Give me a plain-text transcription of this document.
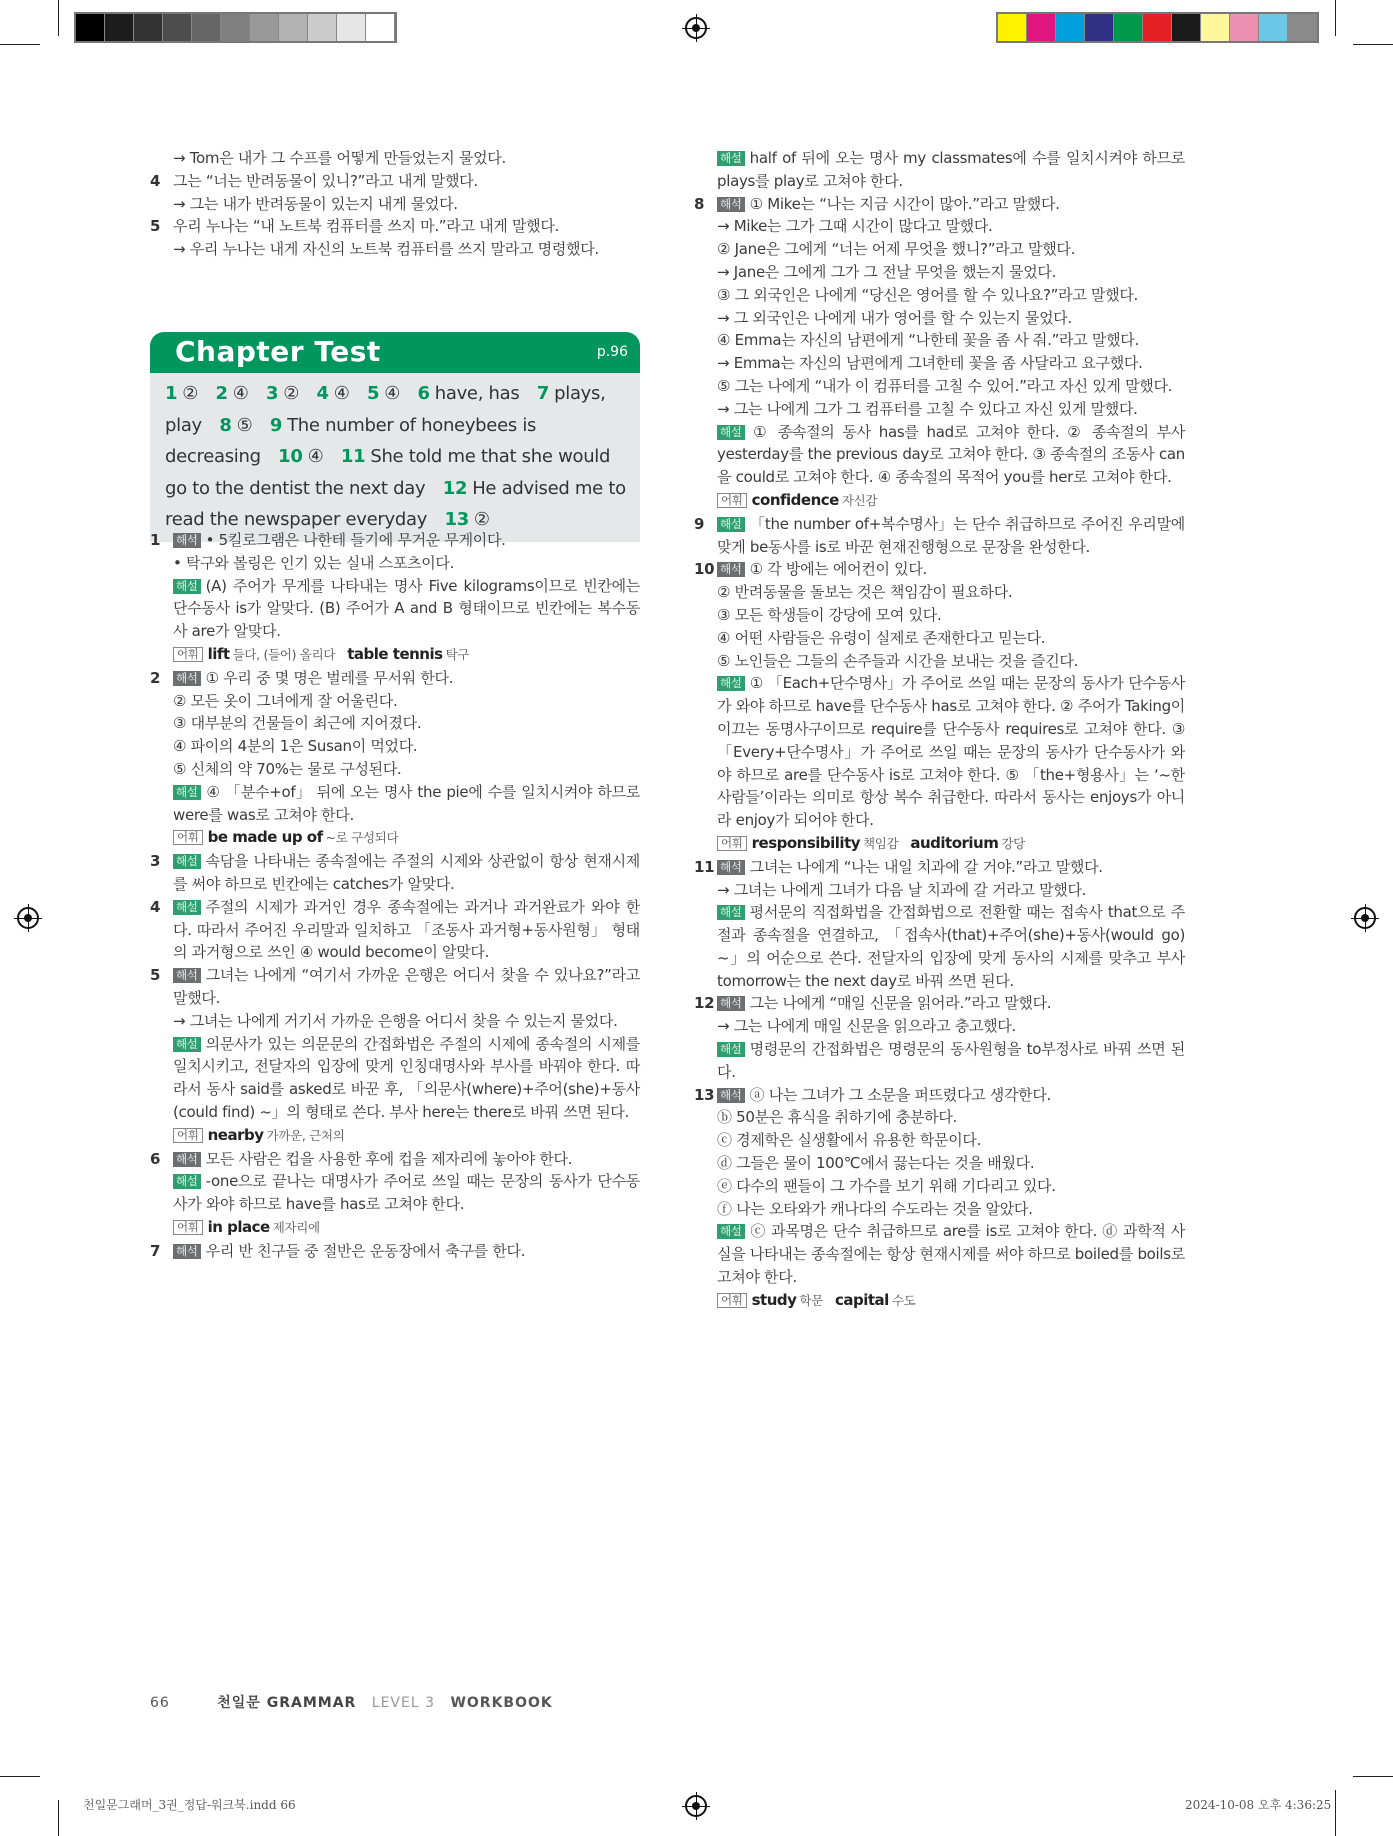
→ Tom은 내가 그 수프를 어떻게 만들었는지 물었다.
4 그는 “너는 반려동물이 있니?”라고 내게 말했다.
→ 그는 내가 반려동물이 있는지 내게 물었다.
5 우리 누나는 “내 노트북 컴퓨터를 쓰지 마.”라고 내게 말했다.
→ 우리 누나는 내게 자신의 노트북 컴퓨터를 쓰지 말라고 명령했다.
Chapter Test	p.96
1 ② 2 ④ 3 ② 4 ④ 5 ④ 6 have, has 7 plays, play 8 ⑤ 9 The number of honeybees is decreasing 10 ④ 11 She told me that she would go to the dentist the next day 12 He advised me to read the newspaper everyday 13 ②
1 해석 • 5킬로그램은 나한테 들기에 무거운 무게이다.
• 탁구와 볼링은 인기 있는 실내 스포츠이다.
해설 (A) 주어가 무게를 나타내는 명사 Five kilograms이므로 빈칸에는 단수동사 is가 알맞다. (B) 주어가 A and B 형태이므로 빈칸에는 복수동사 are가 알맞다.
어휘 lift 들다, (들어) 올리다 table tennis 탁구
2 해석 ① 우리 중 몇 명은 벌레를 무서워 한다.
② 모든 옷이 그녀에게 잘 어울린다.
③ 대부분의 건물들이 최근에 지어졌다.
④ 파이의 4분의 1은 Susan이 먹었다.
⑤ 신체의 약 70%는 물로 구성된다.
해설 ④ 「분수+of」 뒤에 오는 명사 the pie에 수를 일치시켜야 하므로 were를 was로 고쳐야 한다.
어휘 be made up of ~로 구성되다
3 해설 속담을 나타내는 종속절에는 주절의 시제와 상관없이 항상 현재시제를 써야 하므로 빈칸에는 catches가 알맞다.
4 해설 주절의 시제가 과거인 경우 종속절에는 과거나 과거완료가 와야 한다. 따라서 주어진 우리말과 일치하고 「조동사 과거형+동사원형」 형태의 과거형으로 쓰인 ④ would become이 알맞다.
5 해석 그녀는 나에게 “여기서 가까운 은행은 어디서 찾을 수 있나요?”라고 말했다.
→ 그녀는 나에게 거기서 가까운 은행을 어디서 찾을 수 있는지 물었다.
해설 의문사가 있는 의문문의 간접화법은 주절의 시제에 종속절의 시제를 일치시키고, 전달자의 입장에 맞게 인칭대명사와 부사를 바꿔야 한다. 따라서 동사 said를 asked로 바꾼 후, 「의문사(where)+주어(she)+동사(could find) ~」의 형태로 쓴다. 부사 here는 there로 바꿔 쓰면 된다.
어휘 nearby 가까운, 근처의
6 해석 모든 사람은 컵을 사용한 후에 컵을 제자리에 놓아야 한다.
해설 -one으로 끝나는 대명사가 주어로 쓰일 때는 문장의 동사가 단수동사가 와야 하므로 have를 has로 고쳐야 한다.
어휘 in place 제자리에
7 해석 우리 반 친구들 중 절반은 운동장에서 축구를 한다.
해설 half of 뒤에 오는 명사 my classmates에 수를 일치시켜야 하므로 plays를 play로 고쳐야 한다.
8 해석 ① Mike는 “나는 지금 시간이 많아.”라고 말했다.
→ Mike는 그가 그때 시간이 많다고 말했다.
② Jane은 그에게 “너는 어제 무엇을 했니?”라고 말했다.
→ Jane은 그에게 그가 그 전날 무엇을 했는지 물었다.
③ 그 외국인은 나에게 “당신은 영어를 할 수 있나요?”라고 말했다.
→ 그 외국인은 나에게 내가 영어를 할 수 있는지 물었다.
④ Emma는 자신의 남편에게 “나한테 꽃을 좀 사 줘.”라고 말했다.
→ Emma는 자신의 남편에게 그녀한테 꽃을 좀 사달라고 요구했다.
⑤ 그는 나에게 “내가 이 컴퓨터를 고칠 수 있어.”라고 자신 있게 말했다.
→ 그는 나에게 그가 그 컴퓨터를 고칠 수 있다고 자신 있게 말했다.
해설 ① 종속절의 동사 has를 had로 고쳐야 한다. ② 종속절의 부사 yesterday를 the previous day로 고쳐야 한다. ③ 종속절의 조동사 can을 could로 고쳐야 한다. ④ 종속절의 목적어 you를 her로 고쳐야 한다.
어휘 confidence 자신감
9 해설 「the number of+복수명사」는 단수 취급하므로 주어진 우리말에 맞게 be동사를 is로 바꾼 현재진행형으로 문장을 완성한다.
10 해석 ① 각 방에는 에어컨이 있다.
② 반려동물을 돌보는 것은 책임감이 필요하다.
③ 모든 학생들이 강당에 모여 있다.
④ 어떤 사람들은 유령이 실제로 존재한다고 믿는다.
⑤ 노인들은 그들의 손주들과 시간을 보내는 것을 즐긴다.
해설 ① 「Each+단수명사」가 주어로 쓰일 때는 문장의 동사가 단수동사가 와야 하므로 have를 단수동사 has로 고쳐야 한다. ② 주어가 Taking이 이끄는 동명사구이므로 require를 단수동사 requires로 고쳐야 한다. ③ 「Every+단수명사」가 주어로 쓰일 때는 문장의 동사가 단수동사가 와야 하므로 are를 단수동사 is로 고쳐야 한다. ⑤ 「the+형용사」는 ‘~한 사람들’이라는 의미로 항상 복수 취급한다. 따라서 동사는 enjoys가 아니라 enjoy가 되어야 한다.
어휘 responsibility 책임감 auditorium 강당
11 해석 그녀는 나에게 “나는 내일 치과에 갈 거야.”라고 말했다.
→ 그녀는 나에게 그녀가 다음 날 치과에 갈 거라고 말했다.
해설 평서문의 직접화법을 간접화법으로 전환할 때는 접속사 that으로 주절과 종속절을 연결하고, 「접속사(that)+주어(she)+동사(would go) ~」의 어순으로 쓴다. 전달자의 입장에 맞게 동사의 시제를 맞추고 부사 tomorrow는 the next day로 바꿔 쓰면 된다.
12 해석 그는 나에게 “매일 신문을 읽어라.”라고 말했다.
→ 그는 나에게 매일 신문을 읽으라고 충고했다.
해설 명령문의 간접화법은 명령문의 동사원형을 to부정사로 바꿔 쓰면 된다.
13 해석 ⓐ 나는 그녀가 그 소문을 퍼뜨렸다고 생각한다.
ⓑ 50분은 휴식을 취하기에 충분하다.
ⓒ 경제학은 실생활에서 유용한 학문이다.
ⓓ 그들은 물이 100℃에서 끓는다는 것을 배웠다.
ⓔ 다수의 팬들이 그 가수를 보기 위해 기다리고 있다.
ⓕ 나는 오타와가 캐나다의 수도라는 것을 알았다.
해설 ⓒ 과목명은 단수 취급하므로 are를 is로 고쳐야 한다. ⓓ 과학적 사실을 나타내는 종속절에는 항상 현재시제를 써야 하므로 boiled를 boils로 고쳐야 한다.
어휘 study 학문 capital 수도
66	천일문 GRAMMAR LEVEL 3 WORKBOOK
천일문그래머_3권_정답-워크북.indd 66	2024-10-08 오후 4:36:25
